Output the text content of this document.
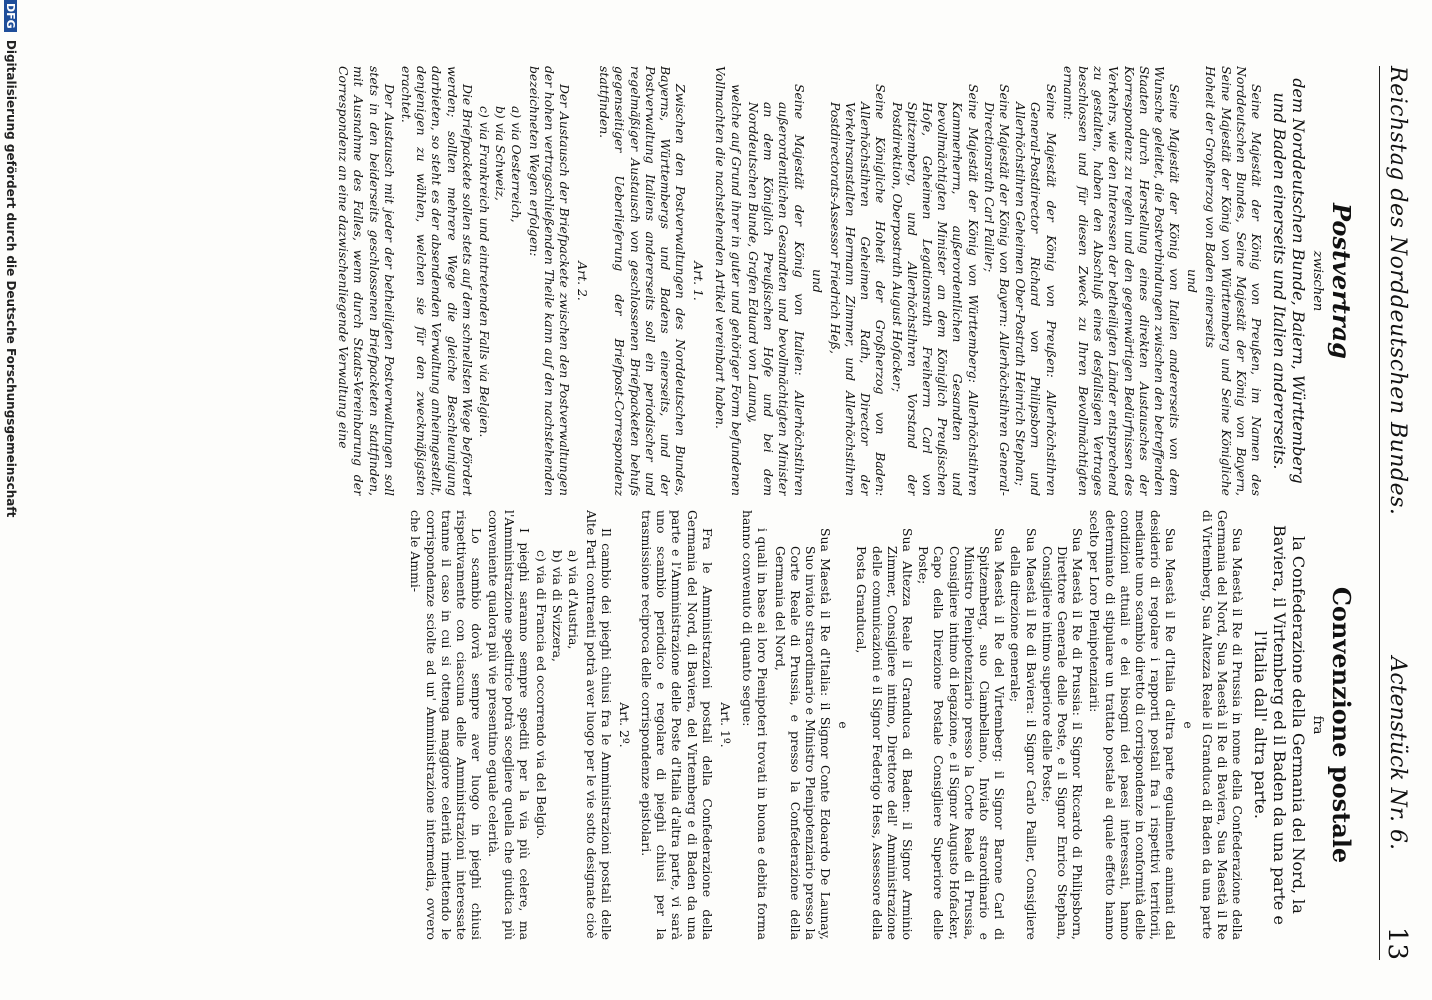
Reichstag des Norddeutschen Bundes.
Actenstück Nr. 6.
13
Postvertrag
zwischen
dem Norddeutschen Bunde, Baiern, Württemberg und Baden einerseits und Italien andererseits.

Seine Majestät der König von Preußen, im Namen des Norddeutschen Bundes, Seine Majestät der König von Bayern, Seine Majestät der König von Württemberg und Seine Königliche Hoheit der Großherzog von Baden einerseits

und

Seine Majestät der König von Italien andererseits von dem Wunsche geleitet, die Postverbindungen zwischen den betreffenden Staaten durch Herstellung eines direkten Austausches der Korrespondenz zu regeln und den gegenwärtigen Bedürfnissen des Verkehrs, wie den Interessen der betheiligten Länder entsprechend zu gestalten, haben den Abschluß eines desfallsigen Vertrages beschlossen und für diesen Zweck zu Ihren Bevollmächtigten ernannt:

Seine Majestät der König von Preußen: Allerhöchstihren General-Postdirector Richard von Philipsborn und Allerhöchstihren Geheimen Ober-Postrath Heinrich Stephan;

Seine Majestät der König von Bayern: Allerhöchstihren General-Directionsrath Carl Pailler;

Seine Majestät der König von Württemberg: Allerhöchstihren Kammerherrn, außerordentlichen Gesandten und bevollmächtigten Minister an dem Königlich Preußischen Hofe, Geheimen Legationsrath Freiherrn Carl von Spitzemberg, und Allerhöchstihren Vorstand der Postdirektion, Oberpostrath August Hofacker;

Seine Königliche Hoheit der Großherzog von Baden: Allerhöchstihren Geheimen Rath, Director der Verkehrsanstalten Hermann Zimmer, und Allerhöchstihren Postdirectorats-Assessor Friedrich Heß,

und

Seine Majestät der König von Italien: Allerhöchstihren außerordentlichen Gesandten und bevollmächtigten Minister an dem Königlich Preußischen Hofe und bei dem Norddeutschen Bunde, Grafen Eduard von Launay,

welche auf Grund ihrer in guter und gehöriger Form befundenen Vollmachten die nachstehenden Artikel vereinbart haben.

Art. 1.

Zwischen den Postverwaltungen des Norddeutschen Bundes, Bayerns, Württembergs und Badens einerseits, und der Postverwaltung Italiens andererseits soll ein periodischer und regelmäßiger Austausch von geschlossenen Briefpacketen behufs gegenseitiger Ueberlieferung der Briefpost-Correspondenz stattfinden.

Art. 2.

Der Austausch der Briefpackete zwischen den Postverwaltungen der hohen vertragschließenden Theile kann auf den nachstehenden bezeichneten Wegen erfolgen:

a) via Oesterreich,
b) via Schweiz,
c) via Frankreich und eintretenden Falls via Belgien.

Die Briefpackete sollen stets auf dem schnellsten Wege befördert werden; sollten mehrere Wege die gleiche Beschleunigung darbieten, so steht es der absendenden Verwaltung anheimgestellt, denjenigen zu wählen, welchen sie für den zweckmäßigsten erachtet.

Der Austausch mit jeder der betheiligten Postverwaltungen soll stets in den beiderseits geschlossenen Briefpacketen stattfinden, mit Ausnahme des Falles, wenn durch Staats-Vereinbarung der Correspondenz an eine dazwischenliegende Verwaltung eine

Convenzione postale
fra
la Confederazione della Germania del Nord, la Baviera, il Virtemberg ed il Baden da una parte e l'Italia dall' altra parte.

Sua Maestà il Re di Prussia in nome della Confederazione della Germania del Nord, Sua Maestà il Re di Baviera, Sua Maestà il Re di Virtemberg, Sua Altezza Reale il Granduca di Baden da una parte

e

Sua Maestà il Re d'Italia d'altra parte egualmente animati dal desiderio di regolare i rapporti postali fra i rispettivi territorii, mediante uno scambio diretto di corrispondenze in conformità delle condizioni attuali e dei bisogni dei paesi interessati, hanno determinato di stipulare un trattato postale al quale effetto hanno scelto per Loro Plenipotenziarii:

Sua Maestà il Re di Prussia: il Signor Riccardo di Philipsborn, Direttore Generale delle Poste, e il Signor Enrico Stephan, Consigliere intimo superiore delle Poste;

Sua Maestà il Re di Baviera: il Signor Carlo Pailler, Consigliere della direzione generale;

Sua Maestà il Re del Virtemberg: il Signor Barone Carl di Spitzemberg, suo Ciambellano, Inviato straordinario e Ministro Plenipotenziario presso la Corte Reale di Prussia, Consigliere intimo di legazione, e il Signor Augusto Hofacker, Capo della Direzione Postale Consigliere Superiore delle Poste;

Sua Altezza Reale il Granduca di Baden: il Signor Arminio Zimmer, Consigliere intimo, Direttore dell' Amministrazione delle comunicazioni e il Signor Federigo Hess, Assessore della Posta Granducal,

e

Sua Maestà il Re d'Italia: il Signor Conte Edoardo De Launay, Suo inviato straordinario e Ministro Plenipotenziario presso la Corte Reale di Prussia, e presso la Confederazione della Germania del Nord,

i quali in base ai loro Pienipoteri trovati in buona e debita forma hanno convenuto di quanto segue:

Art. 1º.

Fra le Amministrazioni postali della Confederazione della Germania del Nord, di Baviera, del Virtemberg e di Baden da una parte e l'Amministrazione delle Poste d'Italia d'altra parte, vi sarà uno scambio periodico e regolare di pieghi chiusi per la trasmissione reciproca delle corrispondenze epistolari.

Art. 2º.

Il cambio dei pieghi chiusi fra le Amministrazioni postali delle Alte Parti contraenti potrà aver luogo per le vie sotto designate cioè

a) via d'Austria,
b) via di Svizzera,
c) via di Francia ed occorrendo via del Belgio.

I pieghi saranno sempre spediti per la via più celere, ma l'Amministrazione speditrice potrà scegliere quella che giudica più conveniente qualora più vie presentino eguale celerità.

Lo scambio dovrà sempre aver luogo in pieghi chiusi rispettivamente con ciascuna delle Amministrazioni interessate tranne il caso in cui si ottenga maggiore celerità rimettendo le corrispondenze sciolte ad un' Amministrazione intermedia, ovvero che le Ammi-

DFG Digitalisierung gefördert durch die Deutsche Forschungsgemeinschaft
